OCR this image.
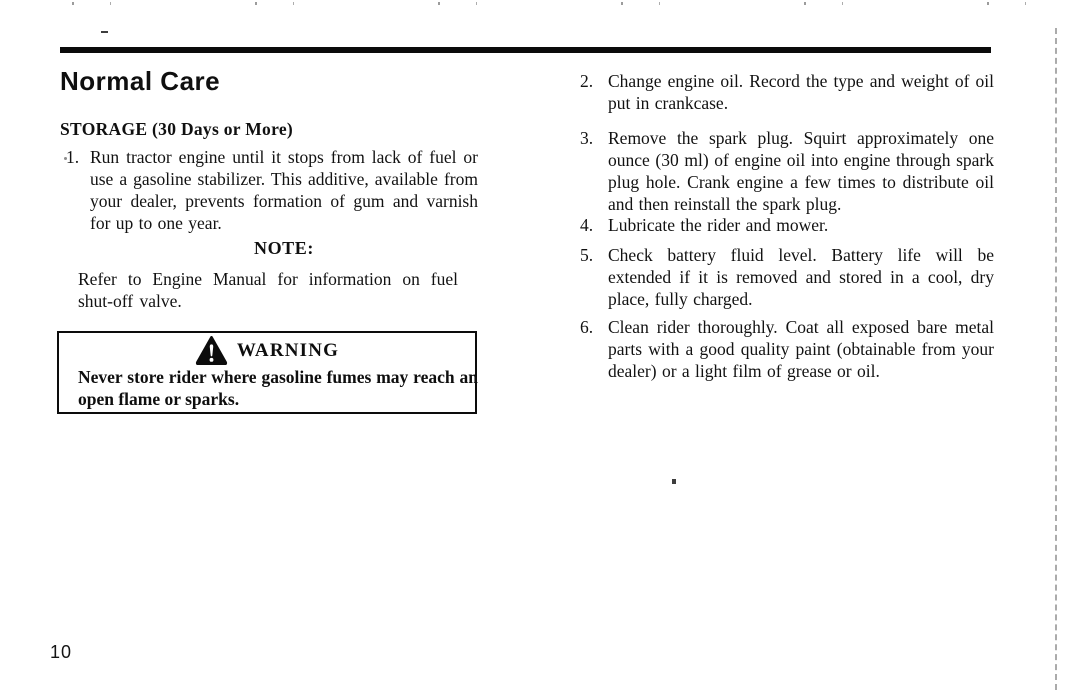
Normal Care
STORAGE (30 Days or More)
1. Run tractor engine until it stops from lack of fuel or use a gasoline stabilizer. This additive, available from your dealer, prevents formation of gum and varnish for up to one year.

NOTE:

Refer to Engine Manual for information on fuel shut-off valve.

WARNING

Never store rider where gasoline fumes may reach an open flame or sparks.

2. Change engine oil. Record the type and weight of oil put in crankcase.

3. Remove the spark plug. Squirt approximately one ounce (30 ml) of engine oil into engine through spark plug hole. Crank engine a few times to distribute oil and then reinstall the spark plug.

4. Lubricate the rider and mower.

5. Check battery fluid level. Battery life will be extended if it is removed and stored in a cool, dry place, fully charged.

6. Clean rider thoroughly. Coat all exposed bare metal parts with a good quality paint (obtainable from your dealer) or a light film of grease or oil.

10
